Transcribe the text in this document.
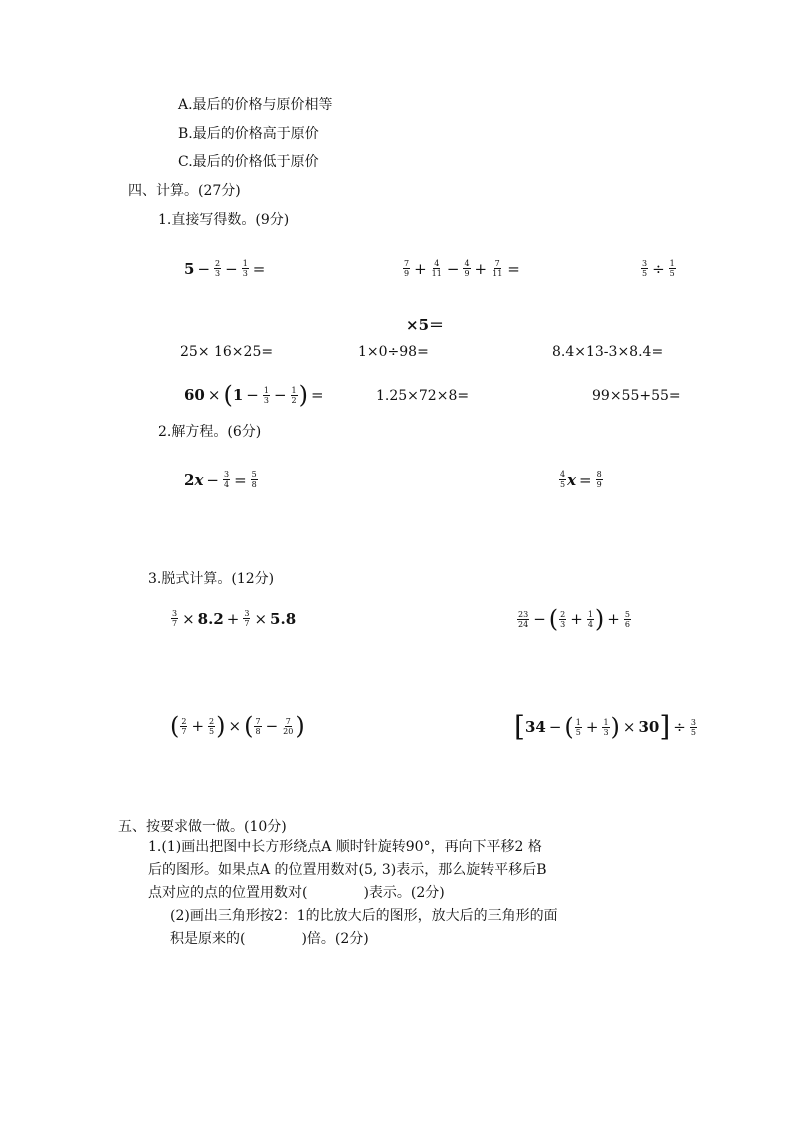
A.最后的价格与原价相等
B.最后的价格高于原价
C.最后的价格低于原价
四、计算。(27分)
1.直接写得数。(9分)
$5 - \frac{2}{3} - \frac{1}{3}$ =	$\frac{7}{9} + \frac{4}{11} - \frac{4}{9} + \frac{7}{11}$ =	$\frac{3}{5} \div \frac{1}{5}$
×5＝
25× 16×25=	1×0÷98=	8.4×13-3×8.4=
60 × ( $1 - \frac{1}{3} - \frac{1}{2}$ ) =	1.25×72×8=	99×55+55=
2.解方程。(6分)
2 $x - \frac{3}{4} = \frac{5}{8}$	$\frac{4}{5}$ $x = \frac{8}{9}$
3.脱式计算。(12分)
$\frac{3}{7} \times 8.2 + \frac{3}{7} \times 5.8$	$\frac{23}{24}$ − ( $\frac{2}{3} + \frac{1}{4}$ ) + $\frac{5}{6}$
( $\frac{2}{7} + \frac{2}{5}$ ) × ( $\frac{7}{8} - \frac{7}{20}$ )	[ 34 − ( $\frac{1}{5} + \frac{1}{3}$ ) × 30 ] ÷ $\frac{3}{5}$
五、按要求做一做。(10分)
1.(1)画出把图中长方形绕点A 顺时针旋转90°，再向下平移2 格
后的图形。如果点A 的位置用数对(5, 3)表示，那么旋转平移后B
点对应的点的位置用数对(　　　　)表示。(2分)
(2)画出三角形按2：1的比放大后的图形，放大后的三角形的面
积是原来的(　　　　)倍。(2分)
